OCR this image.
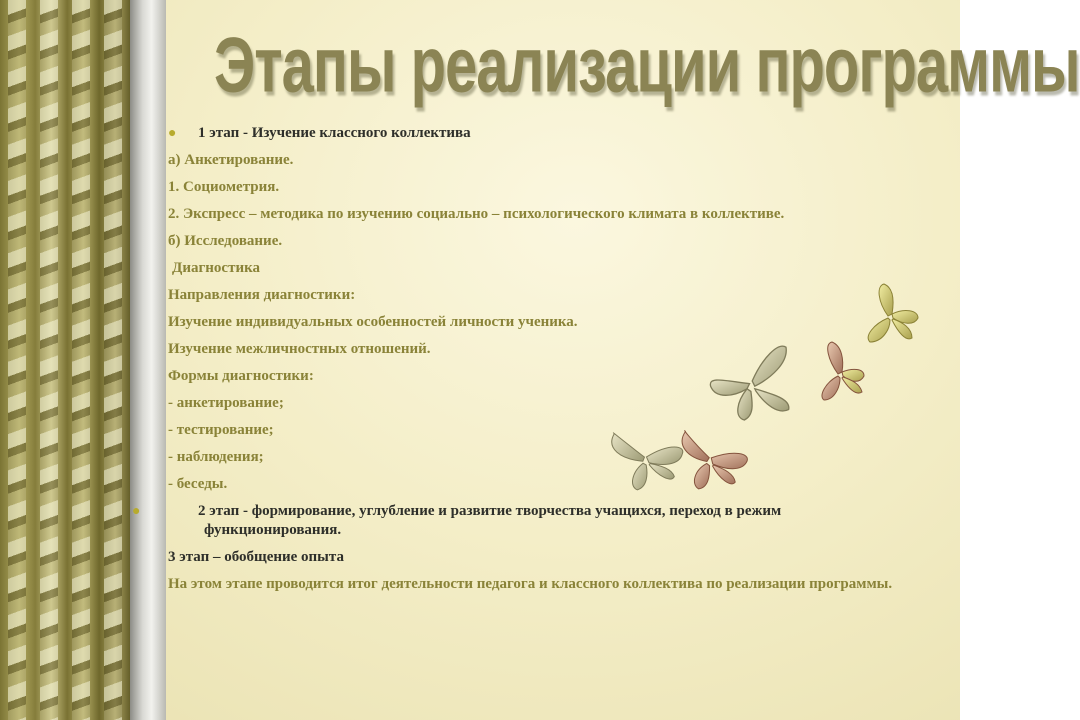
Этапы реализации программы
● 1 этап - Изучение классного коллектива
а) Анкетирование.
1. Социометрия.
2. Экспресс – методика по изучению социально – психологического климата в коллективе.
б) Исследование.
Диагностика
Направления диагностики:
Изучение индивидуальных особенностей личности ученика.
Изучение межличностных отношений.
Формы диагностики:
- анкетирование;
- тестирование;
- наблюдения;
- беседы.
●	2 этап - формирование, углубление и развитие творчества учащихся, переход в режим функционирования.
3 этап – обобщение опыта
На этом этапе проводится итог деятельности педагога и классного коллектива по реализации программы.
